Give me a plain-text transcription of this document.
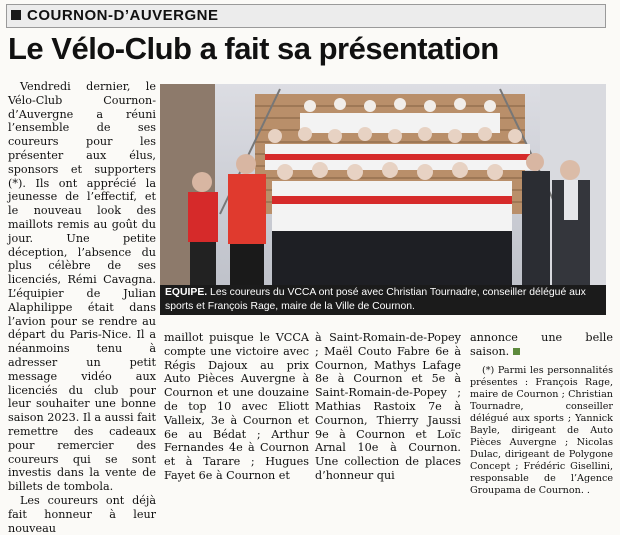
COURNON-D’AUVERGNE
Le Vélo-Club a fait sa présentation

Vendredi dernier, le Vélo-Club Cournon-d’Auvergne a réuni l’ensemble de ses coureurs pour les présenter aux élus, sponsors et supporters (*). Ils ont apprécié la jeunesse de l’effectif, et le nouveau look des maillots remis au goût du jour. Une petite déception, l’absence du plus célèbre de ses licenciés, Rémi Cavagna. L’équipier de Julian Alaphilippe était dans l’avion pour se rendre au départ du Paris-Nice. Il a néanmoins tenu à adresser un petit message vidéo aux licenciés du club pour leur souhaiter une bonne saison 2023. Il a aussi fait remettre des cadeaux pour remercier des coureurs qui se sont investis dans la vente de billets de tombola.

Les coureurs ont déjà fait honneur à leur nouveau

EQUIPE. Les coureurs du VCCA ont posé avec Christian Tournadre, conseiller délégué aux sports et François Rage, maire de la Ville de Cournon.
maillot puisque le VCCA compte une victoire avec Régis Dajoux au prix Auto Pièces Auvergne à Cournon et une douzaine de top 10 avec Eliott Valleix, 3e à Cournon et 6e au Bédat ; Arthur Fernandes 4e à Cournon et à Tarare ; Hugues Fayet 6e à Cournon et
à Saint-Romain-de-Popey ; Maël Couto Fabre 6e à Cournon, Mathys Lafage 8e à Cournon et 5e à Saint-Romain-de-Popey ; Mathias Rastoix 7e à Cournon, Thierry Jaussi 9e à Cournon et Loïc Arnal 10e à Cournon. Une collection de places d’honneur qui

annonce une belle saison.

(*) Parmi les personnalités présentes : François Rage, maire de Cournon ; Christian Tournadre, conseiller délégué aux sports ; Yannick Bayle, dirigeant de Auto Pièces Auvergne ; Nicolas Dulac, dirigeant de Polygone Concept ; Frédéric Gisellini, responsable de l’Agence Groupama de Cournon. .
